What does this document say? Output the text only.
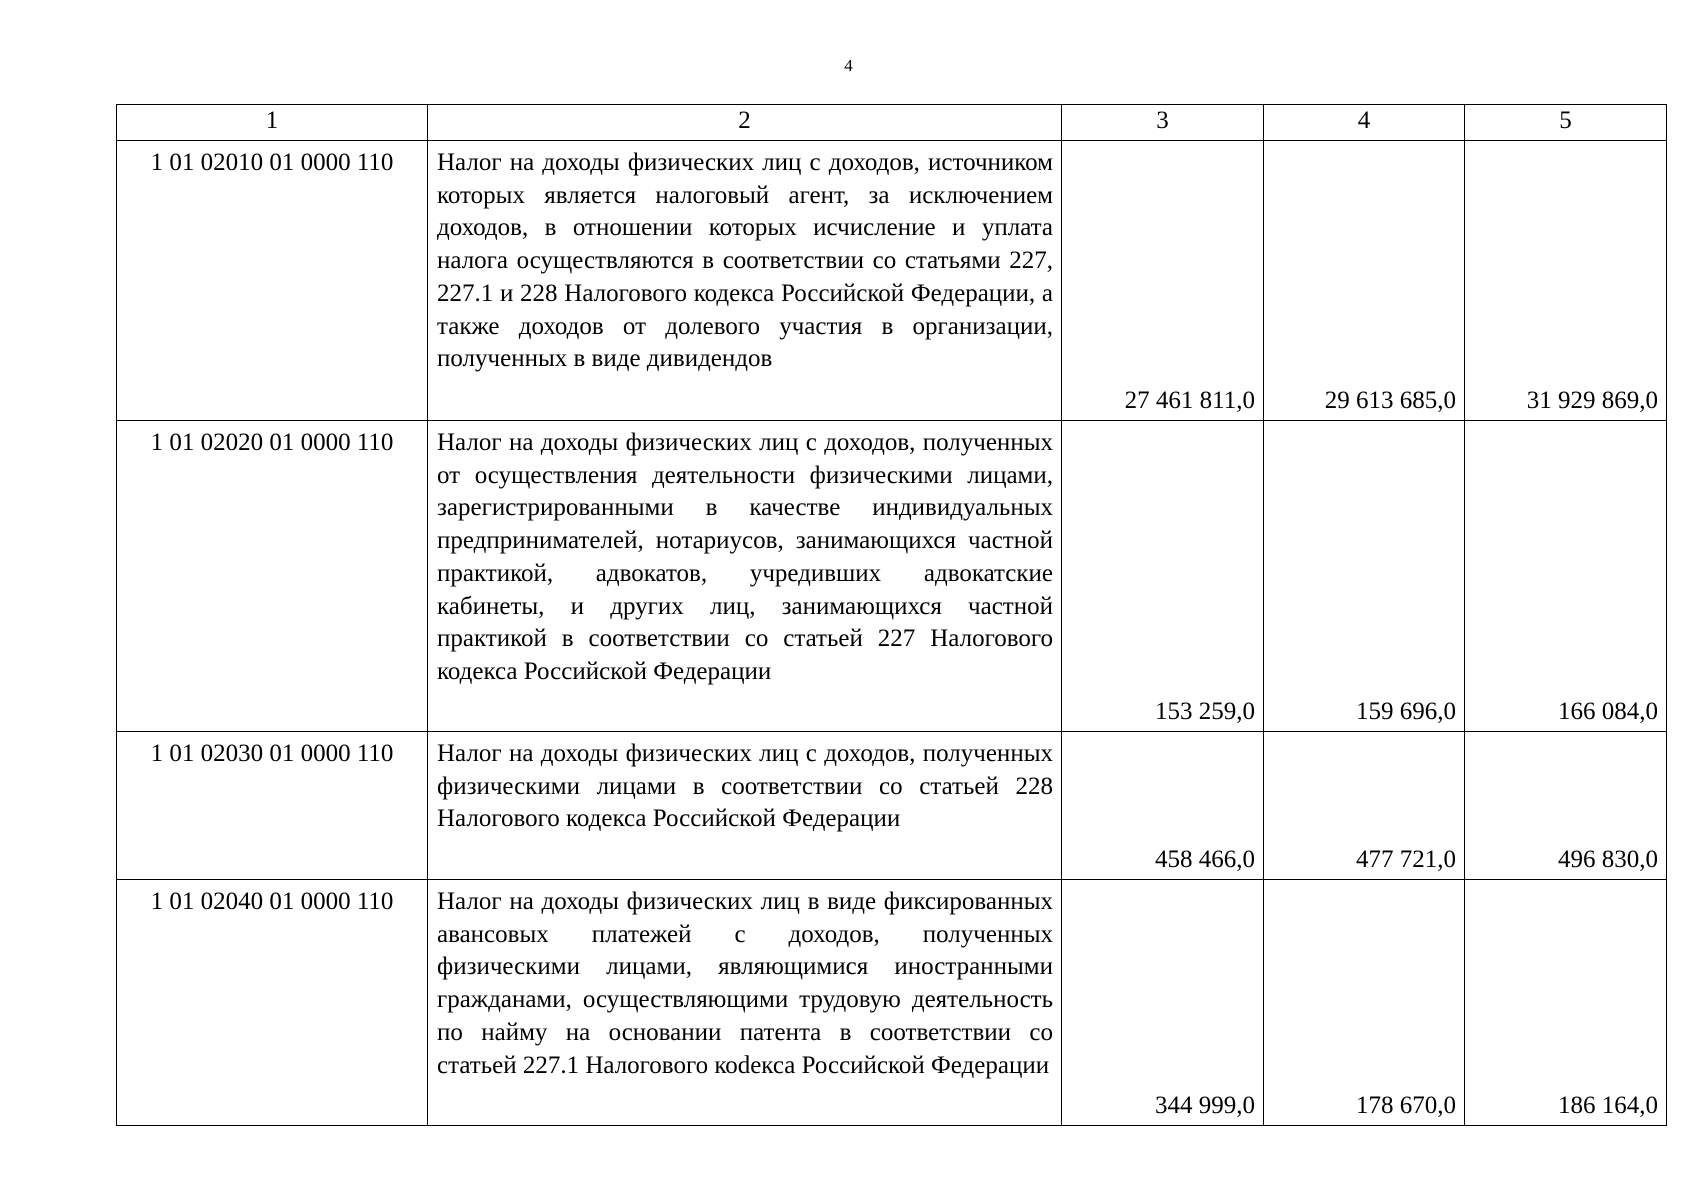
4
1	2	3	4	5
1 01 02010 01 0000 110	Налог на доходы физических лиц с доходов, источником которых является налоговый агент, за исключением доходов, в отношении которых исчисление и уплата налога осуществляются в соответствии со статьями 227, 227.1 и 228 Налогового кодекса Российской Федерации, а также доходов от долевого участия в организации, полученных в виде дивидендов	27 461 811,0	29 613 685,0	31 929 869,0
1 01 02020 01 0000 110	Налог на доходы физических лиц с доходов, полученных от осуществления деятельности физическими лицами, зарегистрированными в качестве индивидуальных предпринимателей, нотариусов, занимающихся частной практикой, адвокатов, учредивших адвокатские кабинеты, и других лиц, занимающихся частной практикой в соответствии со статьей 227 Налогового кодекса Российской Федерации	153 259,0	159 696,0	166 084,0
1 01 02030 01 0000 110	Налог на доходы физических лиц с доходов, полученных физическими лицами в соответствии со статьей 228 Налогового кодекса Российской Федерации	458 466,0	477 721,0	496 830,0
1 01 02040 01 0000 110	Налог на доходы физических лиц в виде фиксированных авансовых платежей с доходов, полученных физическими лицами, являющимися иностранными гражданами, осуществляющими трудовую деятельность по найму на основании патента в соответствии со статьей 227.1 Налогового коdекса Российской Федерации	344 999,0	178 670,0	186 164,0
